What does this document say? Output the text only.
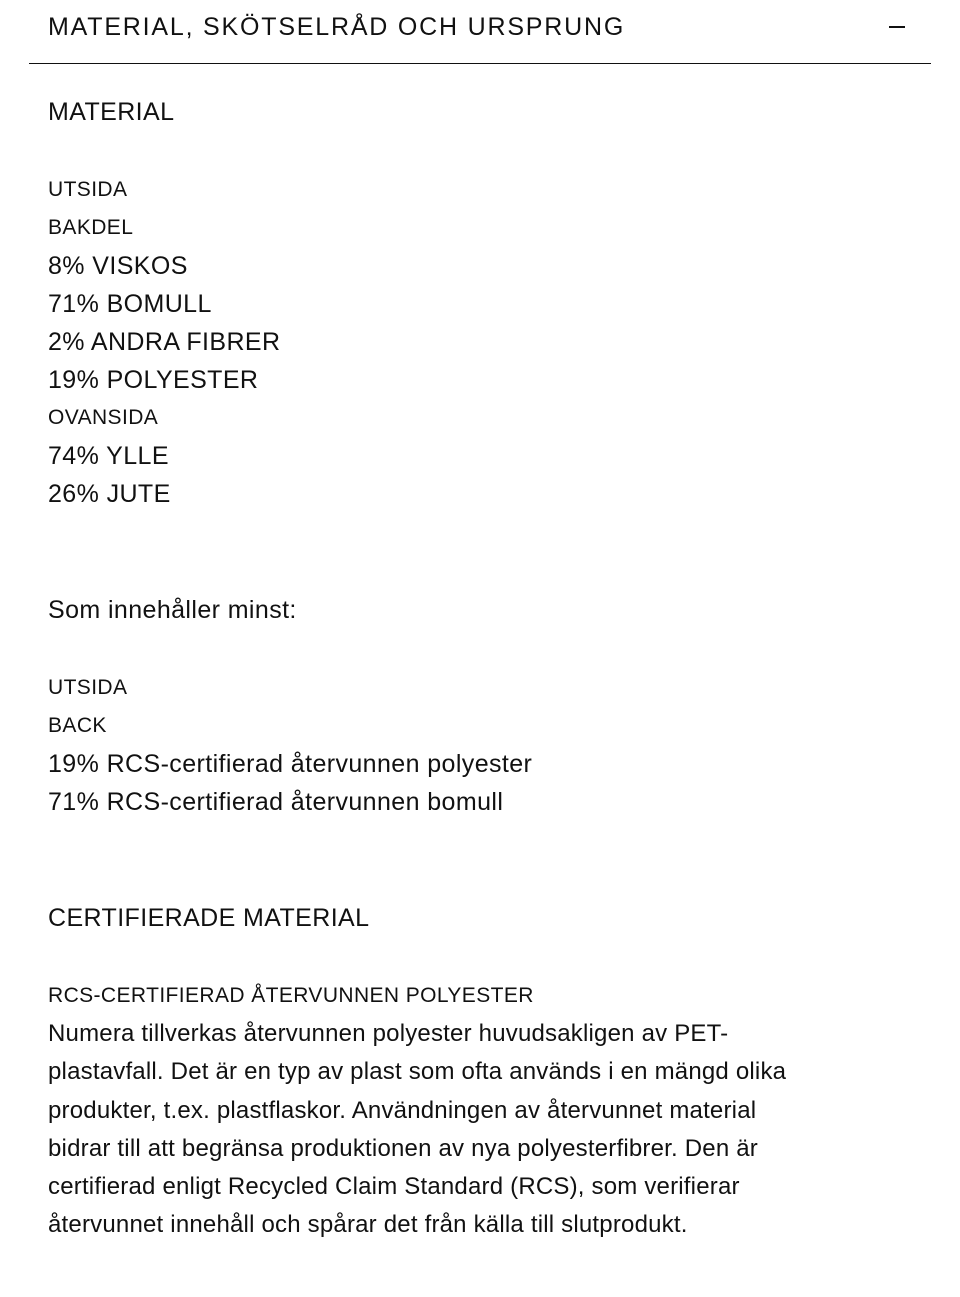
MATERIAL, SKÖTSELRÅD OCH URSPRUNG
MATERIAL
UTSIDA
BAKDEL
8% VISKOS
71% BOMULL
2% ANDRA FIBRER
19% POLYESTER
OVANSIDA
74% YLLE
26% JUTE
Som innehåller minst:
UTSIDA
BACK
19% RCS-certifierad återvunnen polyester
71% RCS-certifierad återvunnen bomull
CERTIFIERADE MATERIAL
RCS-CERTIFIERAD ÅTERVUNNEN POLYESTER
Numera tillverkas återvunnen polyester huvudsakligen av PET-
plastavfall. Det är en typ av plast som ofta används i en mängd olika
produkter, t.ex. plastflaskor. Användningen av återvunnet material
bidrar till att begränsa produktionen av nya polyesterfibrer. Den är
certifierad enligt Recycled Claim Standard (RCS), som verifierar
återvunnet innehåll och spårar det från källa till slutprodukt.
